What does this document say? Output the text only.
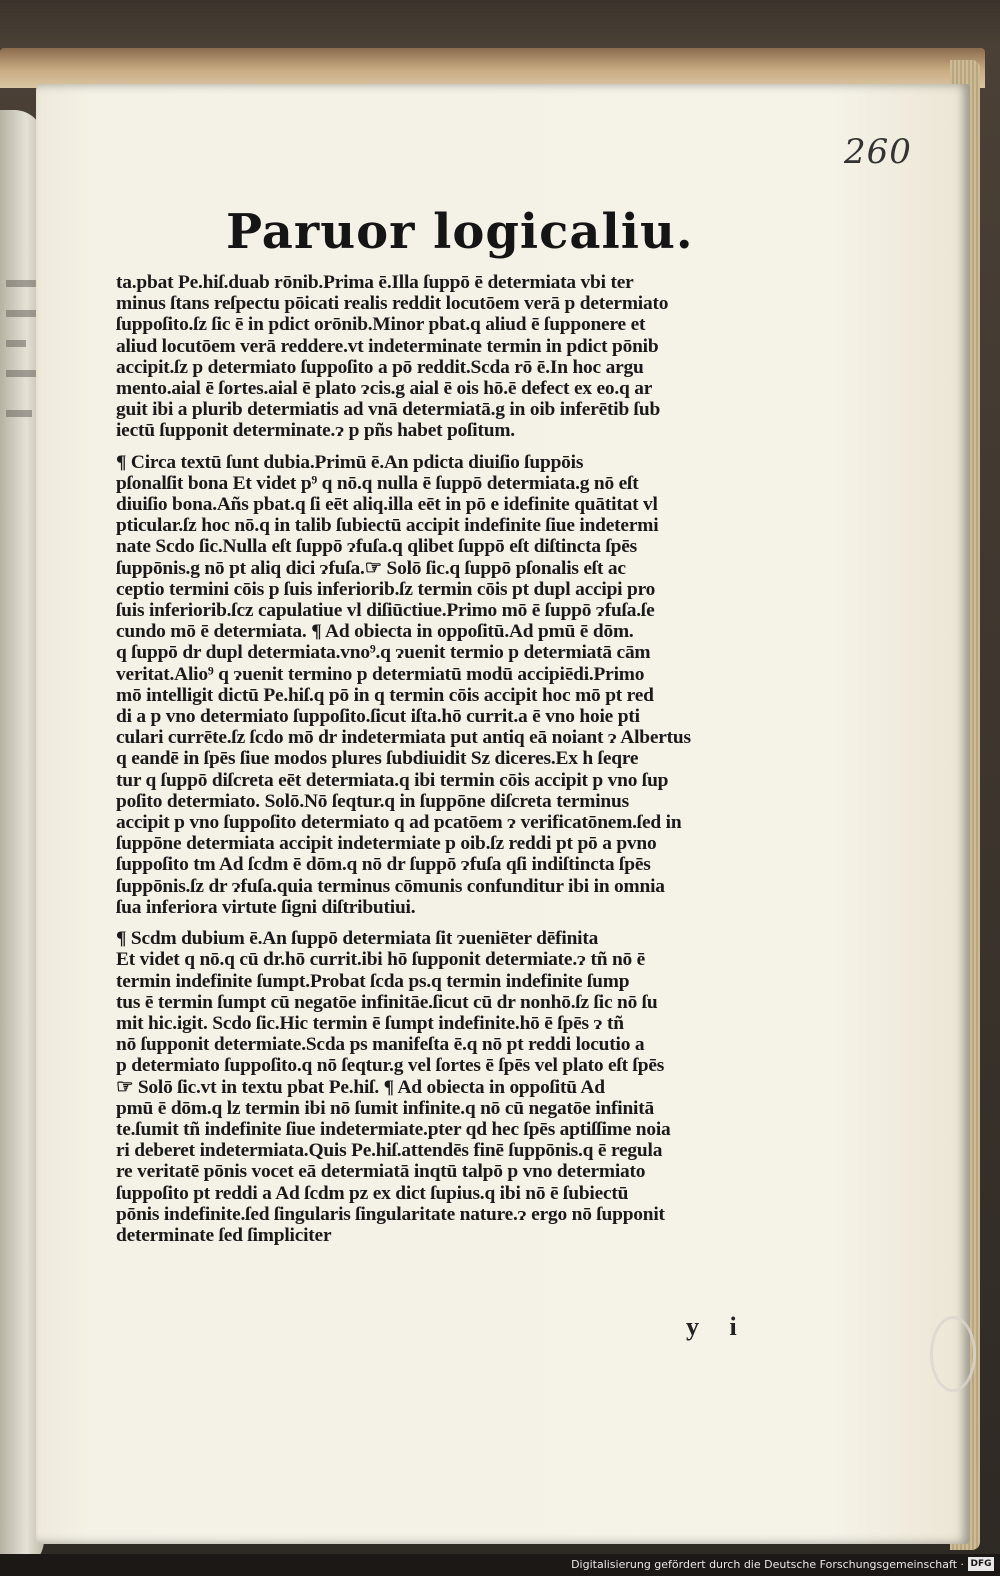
260
Paruor logicaliu.
ta.pbat Pe.hiſ.duab rōnib.Prima ē.Illa ſuppō ē determiata vbi ter
minus ſtans reſpectu pōicati realis reddit locutōem verā p determiato
ſuppoſito.ſz ſic ē in pdict orōnib.Minor pbat.q aliud ē ſupponere et
aliud locutōem verā reddere.vt indeterminate termin in pdict pōnib
accipit.ſz p determiato ſuppoſito a pō reddit.Scda rō ē.In hoc argu
mento.aial ē ſortes.aial ē plato ɂcis.g aial ē ois hō.ē defect ex eo.q ar
guit ibi a plurib determiatis ad vnā determiatā.g in oib inferētib ſub
iectū ſupponit determinate.ɂ p pñs habet poſitum.
¶ Circa textū ſunt dubia.Primū ē.An pdicta diuiſio ſuppōis
pſonalſit bona Et videt p⁹ q nō.q nulla ē ſuppō determiata.g nō eſt
diuiſio bona.Añs pbat.q ſi eēt aliq.illa eēt in pō e idefinite quātitat vl
pticular.ſz hoc nō.q in talib ſubiectū accipit indefinite ſiue indetermi
nate Scdo ſic.Nulla eſt ſuppō ɂfuſa.q qlibet ſuppō eſt diſtincta ſpēs
ſuppōnis.g nō pt aliq dici ɂfuſa.☞ Solō ſic.q ſuppō pſonalis eſt ac
ceptio termini cōis p ſuis inferiorib.ſz termin cōis pt dupl accipi pro
ſuis inferiorib.ſcz capulatiue vl diſiūctiue.Primo mō ē ſuppō ɂfuſa.ſe
cundo mō ē determiata. ¶ Ad obiecta in oppoſitū.Ad pmū ē dōm.
q ſuppō dr dupl determiata.vno⁹.q ɂuenit termio p determiatā cām
veritat.Alio⁹ q ɂuenit termino p determiatū modū accipiēdi.Primo
mō intelligit dictū Pe.hiſ.q pō in q termin cōis accipit hoc mō pt red
di a p vno determiato ſuppoſito.ſicut iſta.hō currit.a ē vno hoie pti
culari currēte.ſz ſcdo mō dr indetermiata put antiq eā noiant ɂ Albertus
q eandē in ſpēs ſiue modos plures ſubdiuidit Sz diceres.Ex h ſeqre
tur q ſuppō diſcreta eēt determiata.q ibi termin cōis accipit p vno ſup
poſito determiato. Solō.Nō ſeqtur.q in ſuppōne diſcreta terminus
accipit p vno ſuppoſito determiato q ad pcatōem ɂ verificatōnem.ſed in
ſuppōne determiata accipit indetermiate p oib.ſz reddi pt pō a pvno
ſuppoſito tm Ad ſcdm ē dōm.q nō dr ſuppō ɂfuſa qſi indiſtincta ſpēs
ſuppōnis.ſz dr ɂfuſa.quia terminus cōmunis confunditur ibi in omnia
ſua inferiora virtute ſigni diſtributiui.
¶ Scdm dubium ē.An ſuppō determiata ſit ɂueniēter dēfinita
Et videt q nō.q cū dr.hō currit.ibi hō ſupponit determiate.ɂ tñ nō ē
termin indefinite ſumpt.Probat ſcda ps.q termin indefinite ſump
tus ē termin ſumpt cū negatōe infinitāe.ſicut cū dr nonhō.ſz ſic nō ſu
mit hic.igit. Scdo ſic.Hic termin ē ſumpt indefinite.hō ē ſpēs ɂ tñ
nō ſupponit determiate.Scda ps manifeſta ē.q nō pt reddi locutio a
p determiato ſuppoſito.q nō ſeqtur.g vel ſortes ē ſpēs vel plato eſt ſpēs
☞ Solō ſic.vt in textu pbat Pe.hiſ. ¶ Ad obiecta in oppoſitū Ad
pmū ē dōm.q lz termin ibi nō ſumit infinite.q nō cū negatōe infinitā
te.ſumit tñ indefinite ſiue indetermiate.pter qd hec ſpēs aptiſſime noia
ri deberet indetermiata.Quis Pe.hiſ.attendēs finē ſuppōnis.q ē regula
re veritatē pōnis vocet eā determiatā inqtū talpō p vno determiato
ſuppoſito pt reddi a Ad ſcdm pz ex dict ſupius.q ibi nō ē ſubiectū
pōnis indefinite.ſed ſingularis ſingularitate nature.ɂ ergo nō ſupponit
determinate ſed ſimpliciter
y i
Digitalisierung gefördert durch die Deutsche Forschungsgemeinschaft · DFG
